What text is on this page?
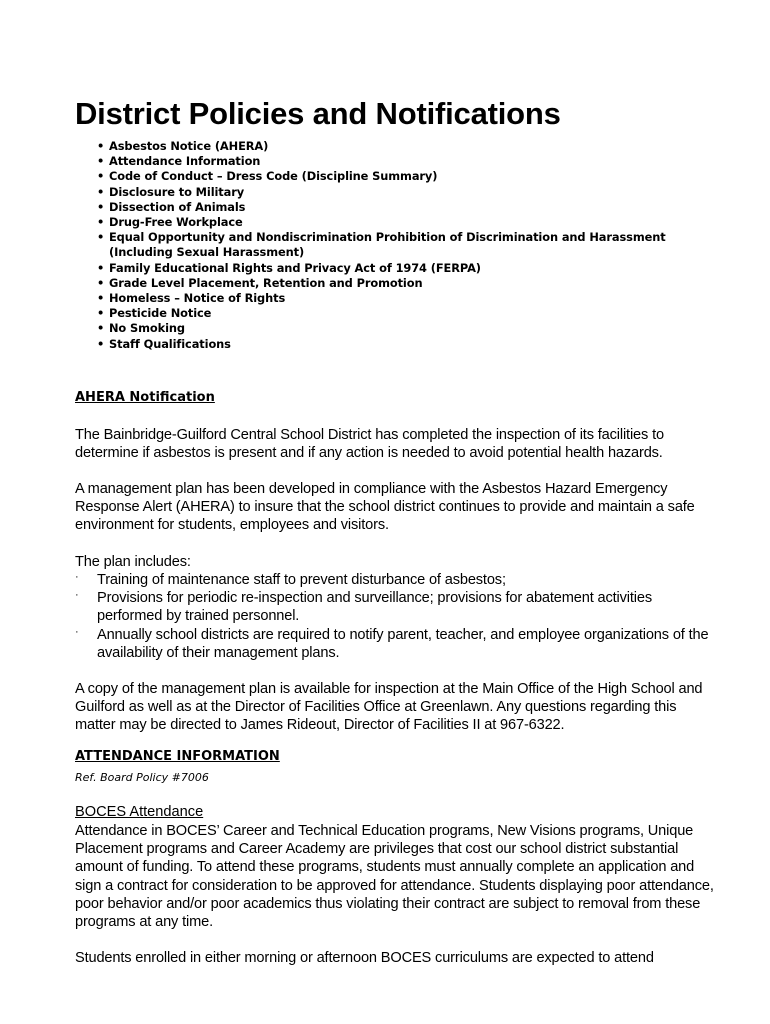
District Policies and Notifications
• Asbestos Notice (AHERA)
• Attendance Information
• Code of Conduct – Dress Code (Discipline Summary)
• Disclosure to Military
• Dissection of Animals
• Drug-Free Workplace
• Equal Opportunity and Nondiscrimination Prohibition of Discrimination and Harassment (Including Sexual Harassment)
• Family Educational Rights and Privacy Act of 1974 (FERPA)
• Grade Level Placement, Retention and Promotion
• Homeless – Notice of Rights
• Pesticide Notice
• No Smoking
• Staff Qualifications
AHERA Notification

The Bainbridge-Guilford Central School District has completed the inspection of its facilities to determine if asbestos is present and if any action is needed to avoid potential health hazards.

A management plan has been developed in compliance with the Asbestos Hazard Emergency Response Alert (AHERA) to insure that the school district continues to provide and maintain a safe environment for students, employees and visitors.

The plan includes:

· Training of maintenance staff to prevent disturbance of asbestos;
· Provisions for periodic re-inspection and surveillance; provisions for abatement activities performed by trained personnel.
· Annually school districts are required to notify parent, teacher, and employee organizations of the availability of their management plans.

A copy of the management plan is available for inspection at the Main Office of the High School and Guilford as well as at the Director of Facilities Office at Greenlawn. Any questions regarding this matter may be directed to James Rideout, Director of Facilities II at 967-6322.

ATTENDANCE INFORMATION

Ref. Board Policy #7006

BOCES Attendance

Attendance in BOCES’ Career and Technical Education programs, New Visions programs, Unique Placement programs and Career Academy are privileges that cost our school district substantial amount of funding. To attend these programs, students must annually complete an application and sign a contract for consideration to be approved for attendance. Students displaying poor attendance, poor behavior and/or poor academics thus violating their contract are subject to removal from these programs at any time.

Students enrolled in either morning or afternoon BOCES curriculums are expected to attend
